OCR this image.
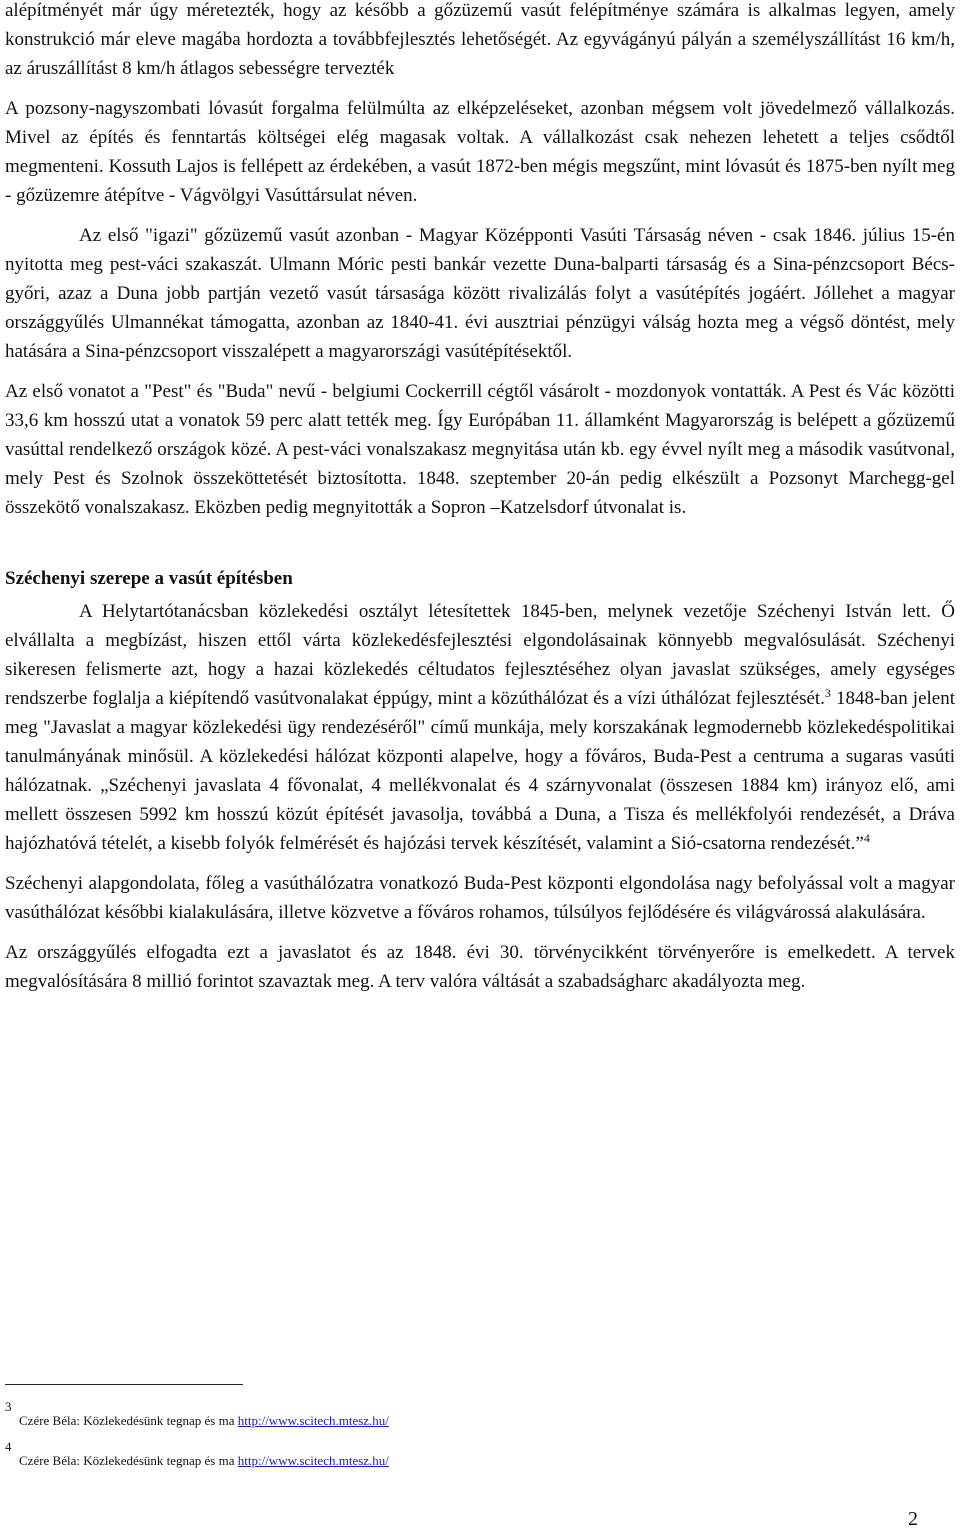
alépítményét már úgy méretezték, hogy az később a gőzüzemű vasút felépítménye számára is alkalmas legyen, amely konstrukció már eleve magába hordozta a továbbfejlesztés lehetőségét. Az egyvágányú pályán a személyszállítást 16 km/h, az áruszállítást 8 km/h átlagos sebességre tervezték

A pozsony-nagyszombati lóvasút forgalma felülmúlta az elképzeléseket, azonban mégsem volt jövedelmező vállalkozás. Mivel az építés és fenntartás költségei elég magasak voltak. A vállalkozást csak nehezen lehetett a teljes csődtől megmenteni. Kossuth Lajos is fellépett az érdekében, a vasút 1872-ben mégis megszűnt, mint lóvasút és 1875-ben nyílt meg - gőzüzemre átépítve - Vágvölgyi Vasúttársulat néven.

Az első "igazi" gőzüzemű vasút azonban - Magyar Középponti Vasúti Társaság néven - csak 1846. július 15-én nyitotta meg pest-váci szakaszát. Ulmann Móric pesti bankár vezette Duna-balparti társaság és a Sina-pénzcsoport Bécs-győri, azaz a Duna jobb partján vezető vasút társasága között rivalizálás folyt a vasútépítés jogáért. Jóllehet a magyar országgyűlés Ulmannékat támogatta, azonban az 1840-41. évi ausztriai pénzügyi válság hozta meg a végső döntést, mely hatására a Sina-pénzcsoport visszalépett a magyarországi vasútépítésektől.

Az első vonatot a "Pest" és "Buda" nevű - belgiumi Cockerrill cégtől vásárolt - mozdonyok vontatták. A Pest és Vác közötti 33,6 km hosszú utat a vonatok 59 perc alatt tették meg. Így Európában 11. államként Magyarország is belépett a gőzüzemű vasúttal rendelkező országok közé. A pest-váci vonalszakasz megnyitása után kb. egy évvel nyílt meg a második vasútvonal, mely Pest és Szolnok összeköttetését biztosította. 1848. szeptember 20-án pedig elkészült a Pozsonyt Marchegg-gel összekötő vonalszakasz. Eközben pedig megnyitották a Sopron –Katzelsdorf útvonalat is.

Széchenyi szerepe a vasút építésben

A Helytartótanácsban közlekedési osztályt létesítettek 1845-ben, melynek vezetője Széchenyi István lett. Ő elvállalta a megbízást, hiszen ettől várta közlekedésfejlesztési elgondolásainak könnyebb megvalósulását. Széchenyi sikeresen felismerte azt, hogy a hazai közlekedés céltudatos fejlesztéséhez olyan javaslat szükséges, amely egységes rendszerbe foglalja a kiépítendő vasútvonalakat éppúgy, mint a közúthálózat és a vízi úthálózat fejlesztését.$^3$ 1848-ban jelent meg "Javaslat a magyar közlekedési ügy rendezéséről" című munkája, mely korszakának legmodernebb közlekedéspolitikai tanulmányának minősül. A közlekedési hálózat központi alapelve, hogy a főváros, Buda-Pest a centruma a sugaras vasúti hálózatnak. „Széchenyi javaslata 4 fővonalat, 4 mellékvonalat és 4 szárnyvonalat (összesen 1884 km) irányoz elő, ami mellett összesen 5992 km hosszú közút építését javasolja, továbbá a Duna, a Tisza és mellékfolyói rendezését, a Dráva hajózhatóvá tételét, a kisebb folyók felmérését és hajózási tervek készítését, valamint a Sió-csatorna rendezését.”$^4$

Széchenyi alapgondolata, főleg a vasúthálózatra vonatkozó Buda-Pest központi elgondolása nagy befolyással volt a magyar vasúthálózat későbbi kialakulására, illetve közvetve a főváros rohamos, túlsúlyos fejlődésére és világvárossá alakulására.

Az országgyűlés elfogadta ezt a javaslatot és az 1848. évi 30. törvénycikként törvényerőre is emelkedett. A tervek megvalósítására 8 millió forintot szavaztak meg. A terv valóra váltását a szabadságharc akadályozta meg.

3
Czére Béla: Közlekedésünk tegnap és ma http://www.scitech.mtesz.hu/
4
Czére Béla: Közlekedésünk tegnap és ma http://www.scitech.mtesz.hu/
2
